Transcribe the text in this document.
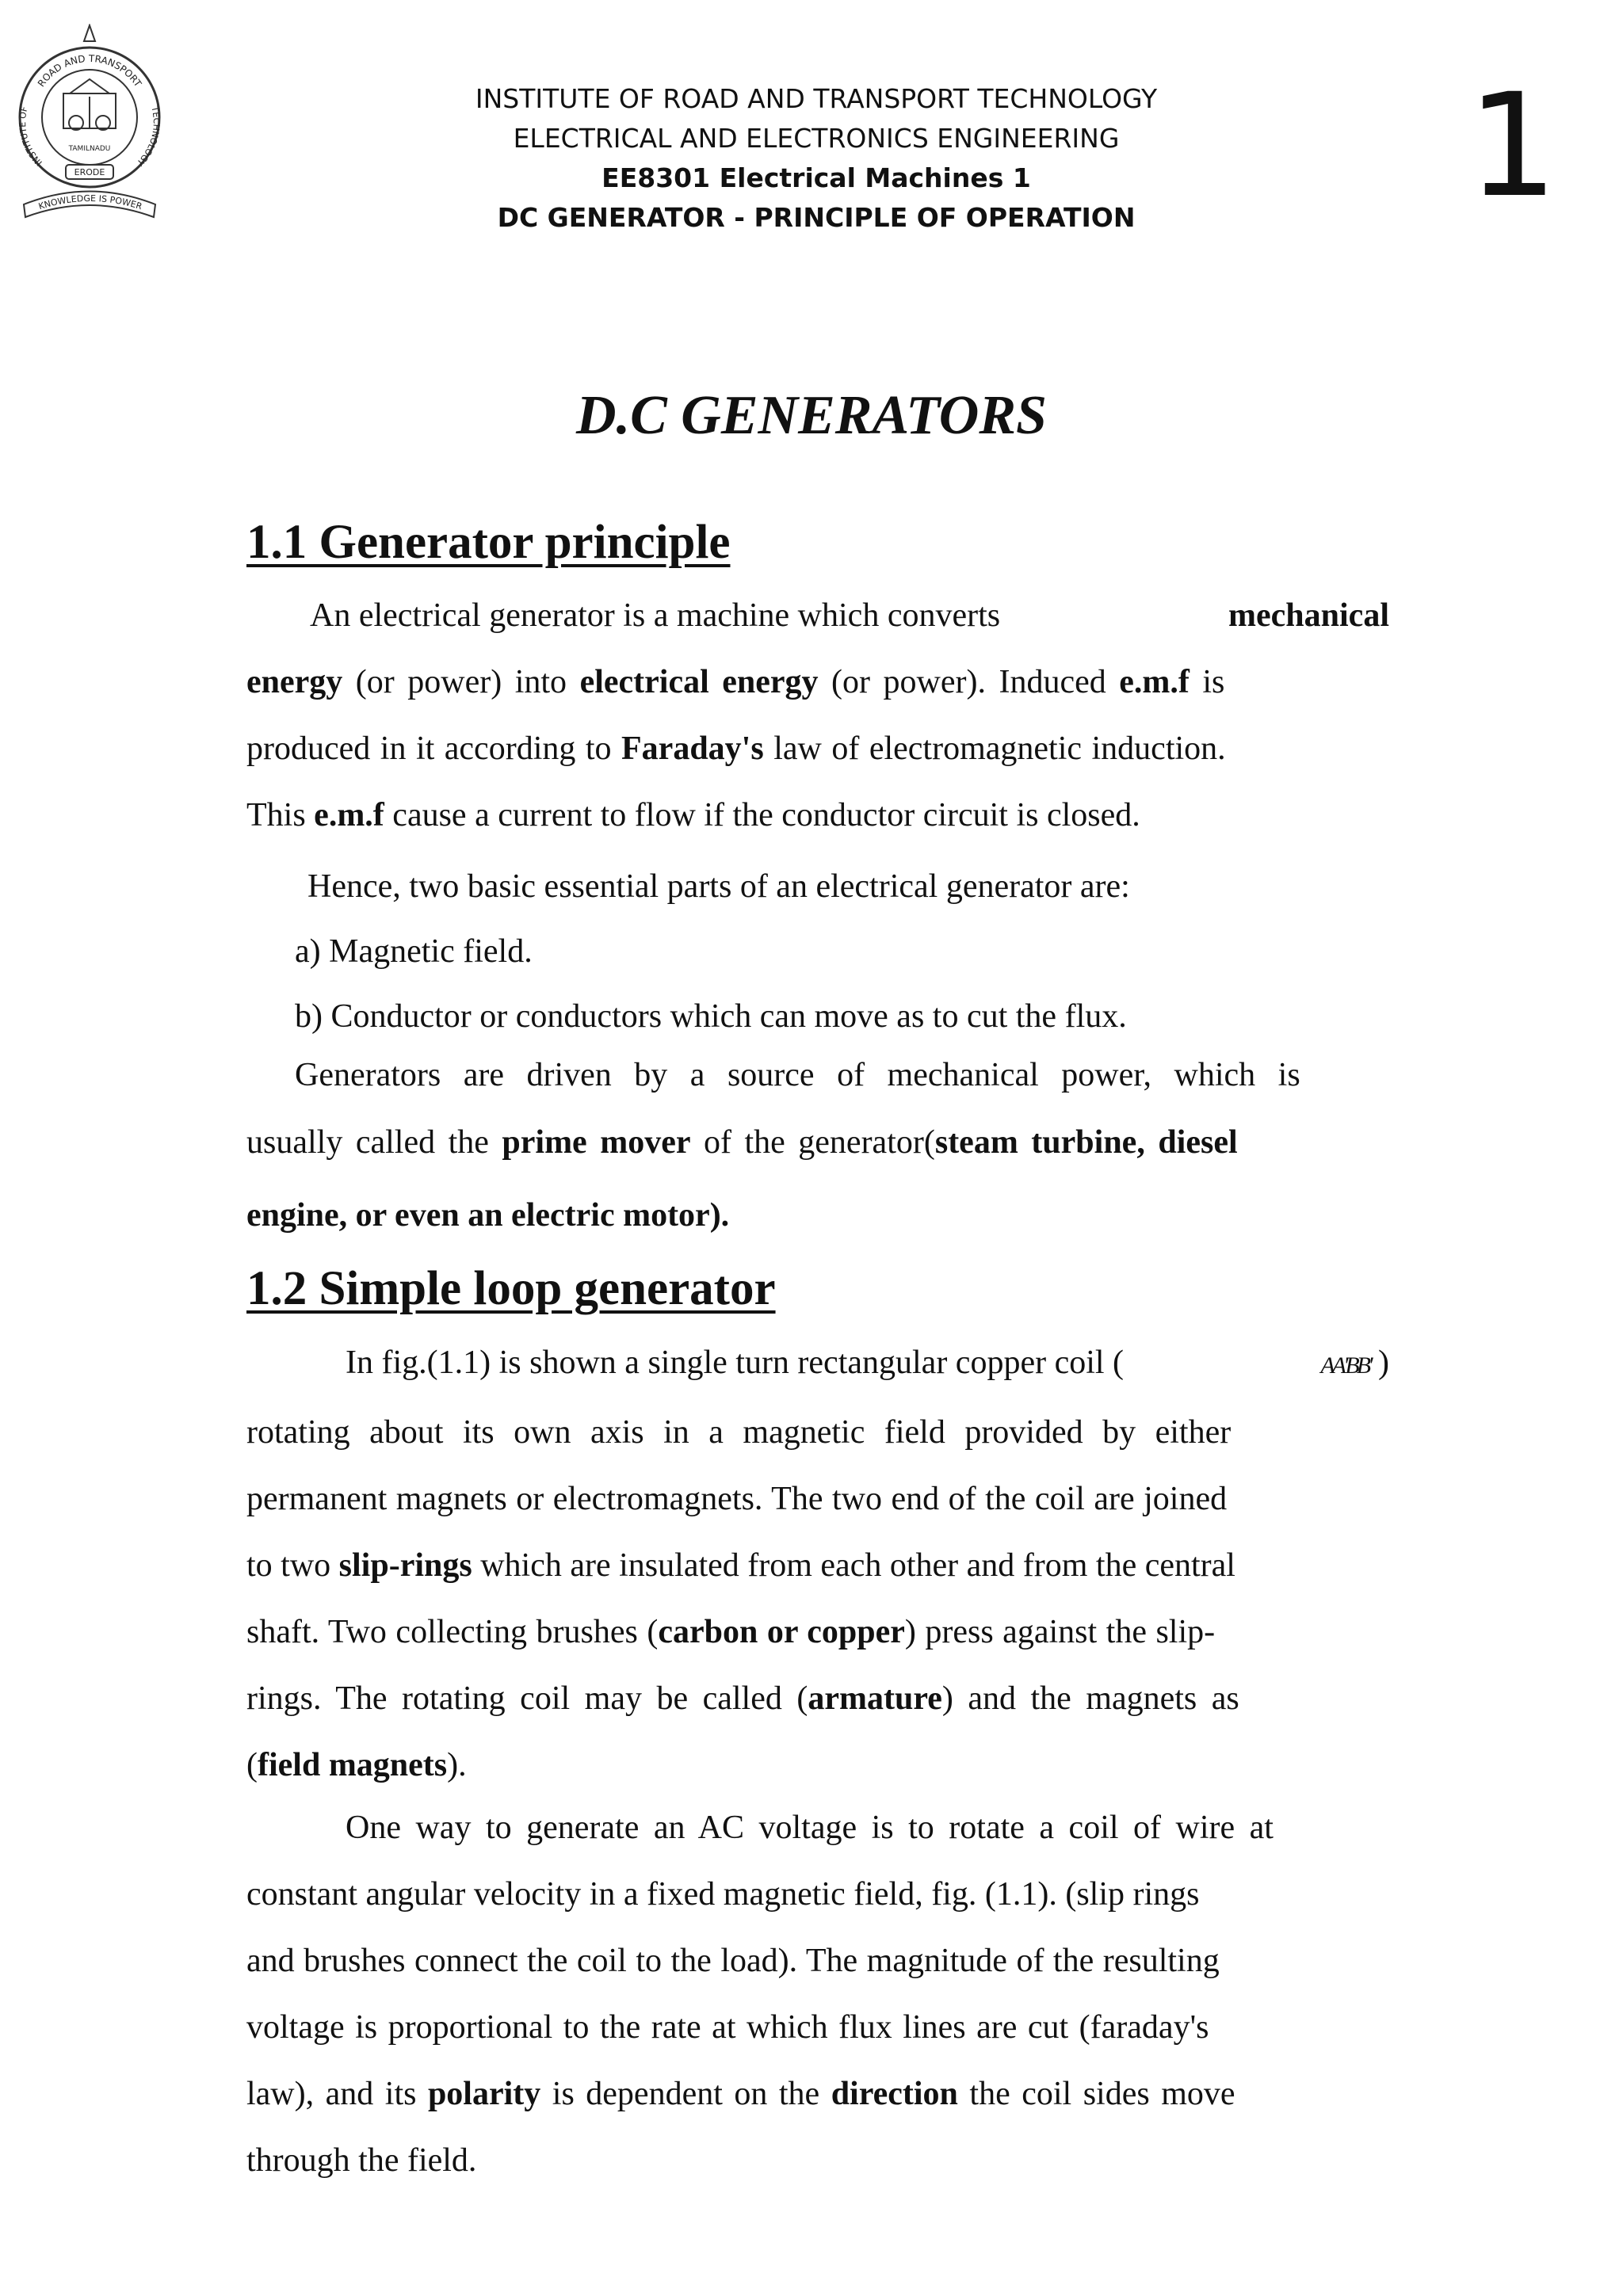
ROAD AND TRANSPORT
INSTITUTE OF	TECHNOLOGY
TAMILNADU
ERODE
KNOWLEDGE IS POWER
INSTITUTE OF ROAD AND TRANSPORT TECHNOLOGY
ELECTRICAL AND ELECTRONICS ENGINEERING
EE8301 Electrical Machines 1
DC GENERATOR - PRINCIPLE OF OPERATION	1
D.C GENERATORS
1.1 Generator principle
An electrical generator is a machine which converts	mechanical
energy (or power) into electrical energy (or power). Induced e.m.f is
produced in it according to Faraday's law of electromagnetic induction.
This e.m.f cause a current to flow if the conductor circuit is closed.
Hence, two basic essential parts of an electrical generator are:
a) Magnetic field.
b) Conductor or conductors which can move as to cut the flux.
Generators are driven by a source of mechanical power, which is
usually called the prime mover of the generator(steam turbine, diesel
engine, or even an electric motor).
1.2 Simple loop generator
In fig.(1.1) is shown a single turn rectangular copper coil (	AA'BB' )
rotating about its own axis in a magnetic field provided by either
permanent magnets or electromagnets. The two end of the coil are joined
to two slip-rings which are insulated from each other and from the central
shaft. Two collecting brushes (carbon or copper) press against the slip-
rings. The rotating coil may be called (armature) and the magnets as
(field magnets).
One way to generate an AC voltage is to rotate a coil of wire at
constant angular velocity in a fixed magnetic field, fig. (1.1). (slip rings
and brushes connect the coil to the load). The magnitude of the resulting
voltage is proportional to the rate at which flux lines are cut (faraday's
law), and its polarity is dependent on the direction the coil sides move
through the field.
